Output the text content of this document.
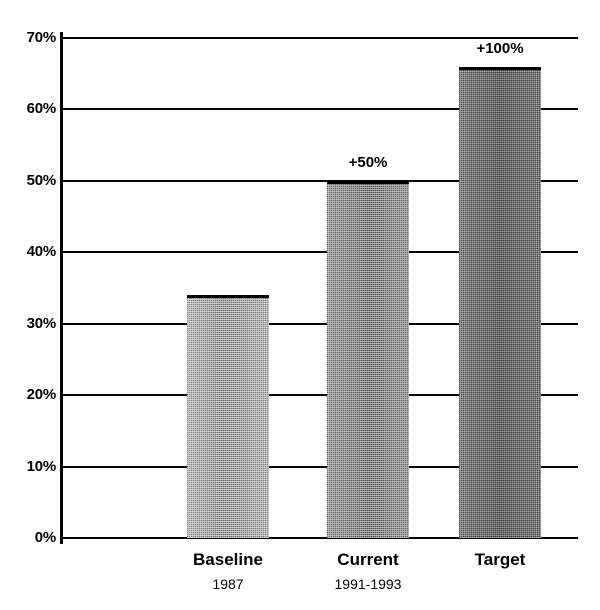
0%
10%
20%
30%
40%
50%
60%
70%
+50%
+100%
Baseline
1987
Current
1991-1993
Target
